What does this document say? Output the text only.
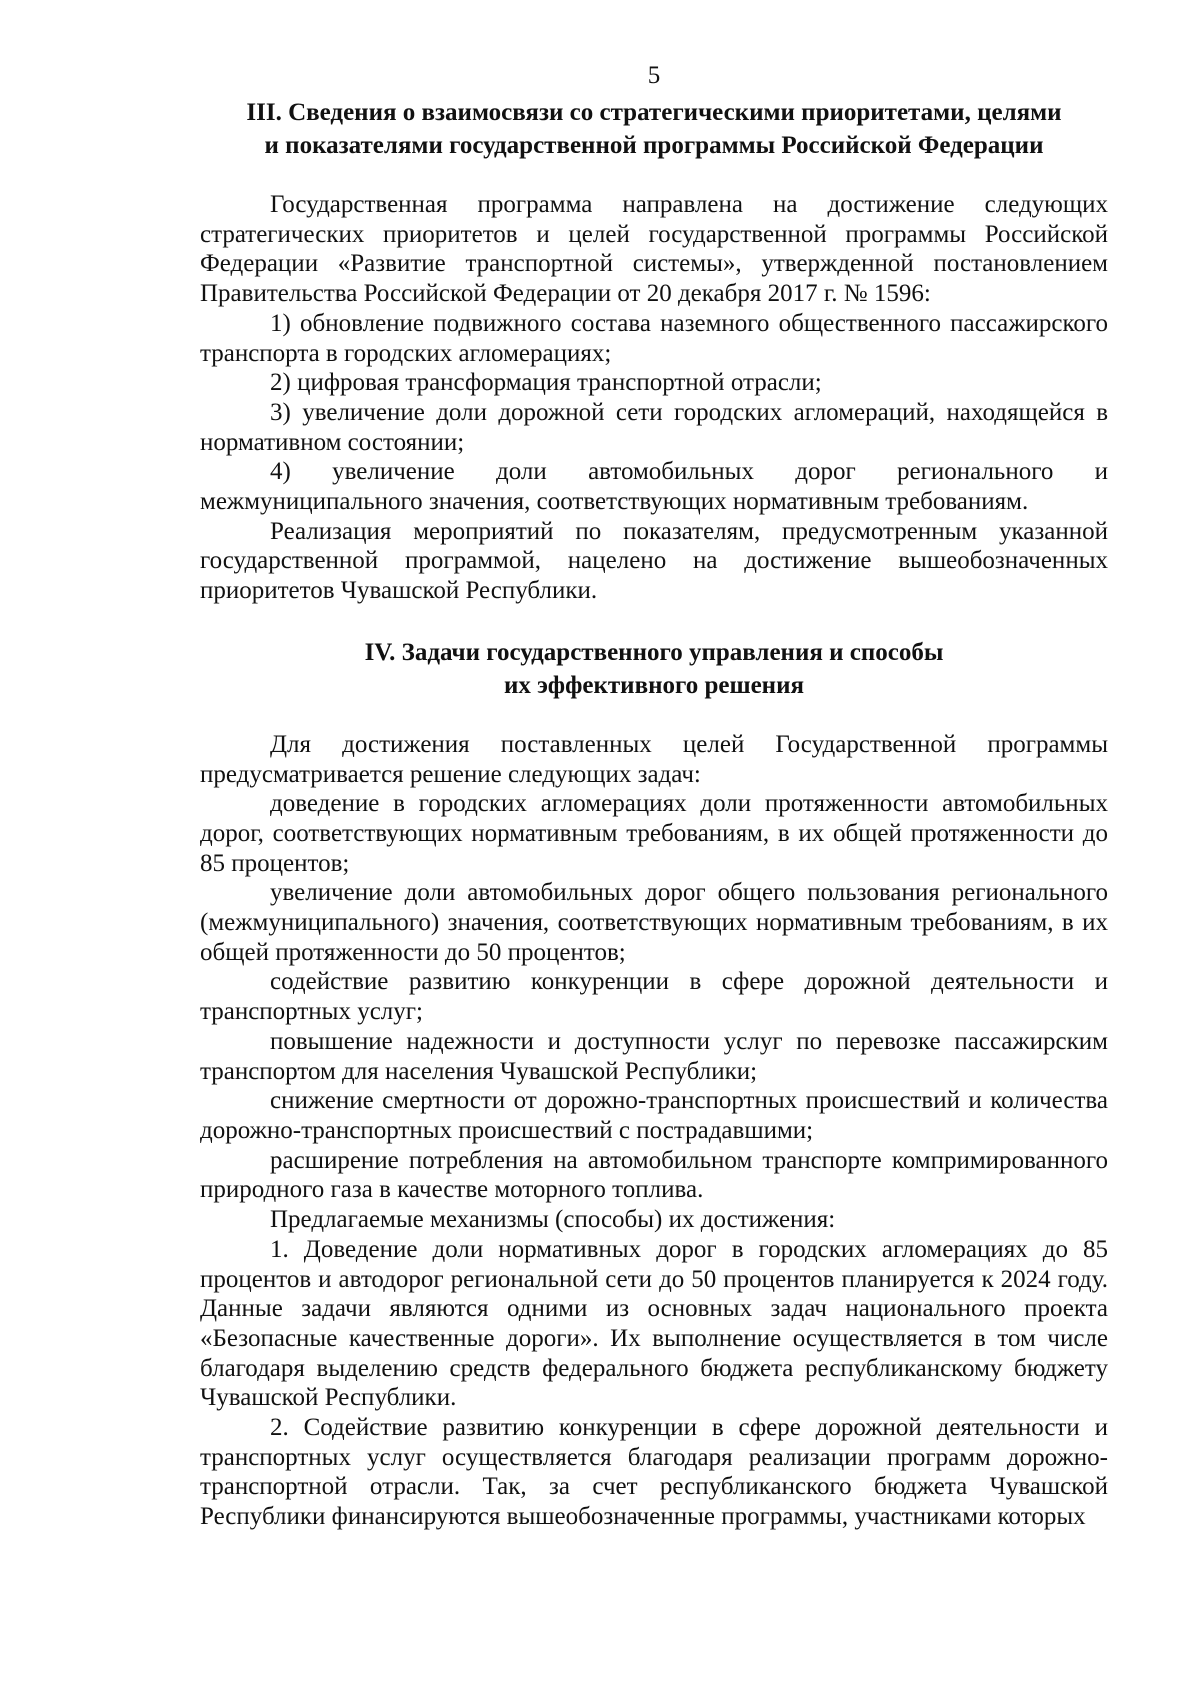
5
III. Сведения о взаимосвязи со стратегическими приоритетами, целями
и показателями государственной программы Российской Федерации

Государственная программа направлена на достижение следующих стратегических приоритетов и целей государственной программы Российской Федерации «Развитие транспортной системы», утвержденной постановлением Правительства Российской Федерации от 20 декабря 2017 г. № 1596:

1) обновление подвижного состава наземного общественного пассажирского транспорта в городских агломерациях;

2) цифровая трансформация транспортной отрасли;

3) увеличение доли дорожной сети городских агломераций, находящейся в нормативном состоянии;

4) увеличение доли автомобильных дорог регионального и межмуниципального значения, соответствующих нормативным требованиям.

Реализация мероприятий по показателям, предусмотренным указанной государственной программой, нацелено на достижение вышеобозначенных приоритетов Чувашской Республики.

IV. Задачи государственного управления и способы
их эффективного решения

Для достижения поставленных целей Государственной программы предусматривается решение следующих задач:

доведение в городских агломерациях доли протяженности автомобильных дорог, соответствующих нормативным требованиям, в их общей протяженности до 85 процентов;

увеличение доли автомобильных дорог общего пользования регионального (межмуниципального) значения, соответствующих нормативным требованиям, в их общей протяженности до 50 процентов;

содействие развитию конкуренции в сфере дорожной деятельности и транспортных услуг;

повышение надежности и доступности услуг по перевозке пассажирским транспортом для населения Чувашской Республики;

снижение смертности от дорожно-транспортных происшествий и количества дорожно-транспортных происшествий с пострадавшими;

расширение потребления на автомобильном транспорте компримированного природного газа в качестве моторного топлива.

Предлагаемые механизмы (способы) их достижения:

1. Доведение доли нормативных дорог в городских агломерациях до 85 процентов и автодорог региональной сети до 50 процентов планируется к 2024 году. Данные задачи являются одними из основных задач национального проекта «Безопасные качественные дороги». Их выполнение осуществляется в том числе благодаря выделению средств федерального бюджета республиканскому бюджету Чувашской Республики.

2. Содействие развитию конкуренции в сфере дорожной деятельности и транспортных услуг осуществляется благодаря реализации программ дорожно-транспортной отрасли. Так, за счет республиканского бюджета Чувашской Республики финансируются вышеобозначенные программы, участниками которых
